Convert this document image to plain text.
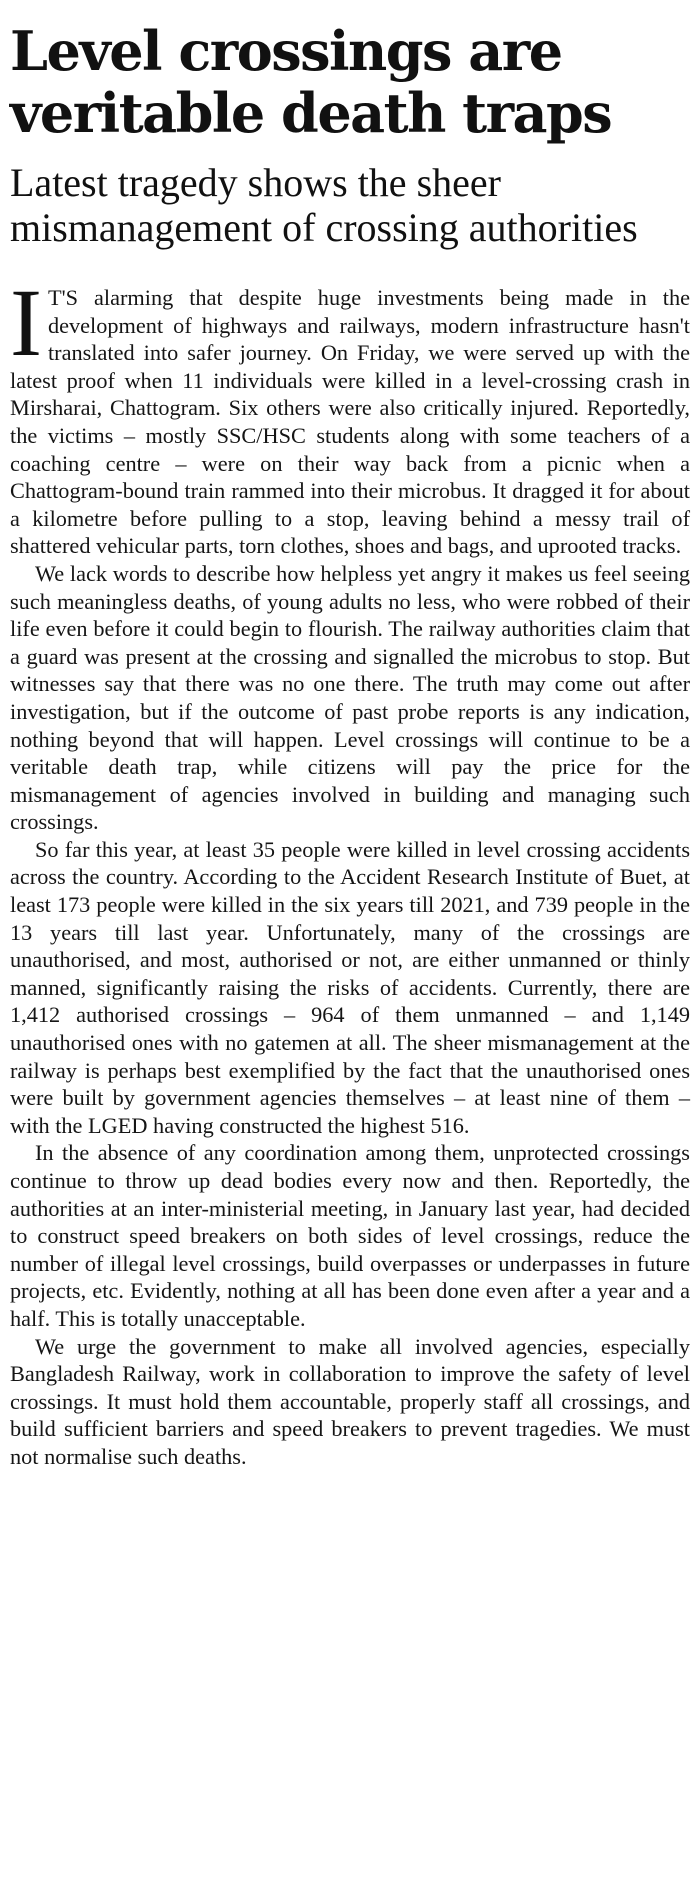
Level crossings are veritable death traps
Latest tragedy shows the sheer mismanagement of crossing authorities

I T'S alarming that despite huge investments being made in the development of highways and railways, modern infrastructure hasn't translated into safer journey. On Friday, we were served up with the latest proof when 11 individuals were killed in a level-crossing crash in Mirsharai, Chattogram. Six others were also critically injured. Reportedly, the victims – mostly SSC/HSC students along with some teachers of a coaching centre – were on their way back from a picnic when a Chattogram-bound train rammed into their microbus. It dragged it for about a kilometre before pulling to a stop, leaving behind a messy trail of shattered vehicular parts, torn clothes, shoes and bags, and uprooted tracks.

We lack words to describe how helpless yet angry it makes us feel seeing such meaningless deaths, of young adults no less, who were robbed of their life even before it could begin to flourish. The railway authorities claim that a guard was present at the crossing and signalled the microbus to stop. But witnesses say that there was no one there. The truth may come out after investigation, but if the outcome of past probe reports is any indication, nothing beyond that will happen. Level crossings will continue to be a veritable death trap, while citizens will pay the price for the mismanagement of agencies involved in building and managing such crossings.

So far this year, at least 35 people were killed in level crossing accidents across the country. According to the Accident Research Institute of Buet, at least 173 people were killed in the six years till 2021, and 739 people in the 13 years till last year. Unfortunately, many of the crossings are unauthorised, and most, authorised or not, are either unmanned or thinly manned, significantly raising the risks of accidents. Currently, there are 1,412 authorised crossings – 964 of them unmanned – and 1,149 unauthorised ones with no gatemen at all. The sheer mismanagement at the railway is perhaps best exemplified by the fact that the unauthorised ones were built by government agencies themselves – at least nine of them – with the LGED having constructed the highest 516.

In the absence of any coordination among them, unprotected crossings continue to throw up dead bodies every now and then. Reportedly, the authorities at an inter-ministerial meeting, in January last year, had decided to construct speed breakers on both sides of level crossings, reduce the number of illegal level crossings, build overpasses or underpasses in future projects, etc. Evidently, nothing at all has been done even after a year and a half. This is totally unacceptable.

We urge the government to make all involved agencies, especially Bangladesh Railway, work in collaboration to improve the safety of level crossings. It must hold them accountable, properly staff all crossings, and build sufficient barriers and speed breakers to prevent tragedies. We must not normalise such deaths.
